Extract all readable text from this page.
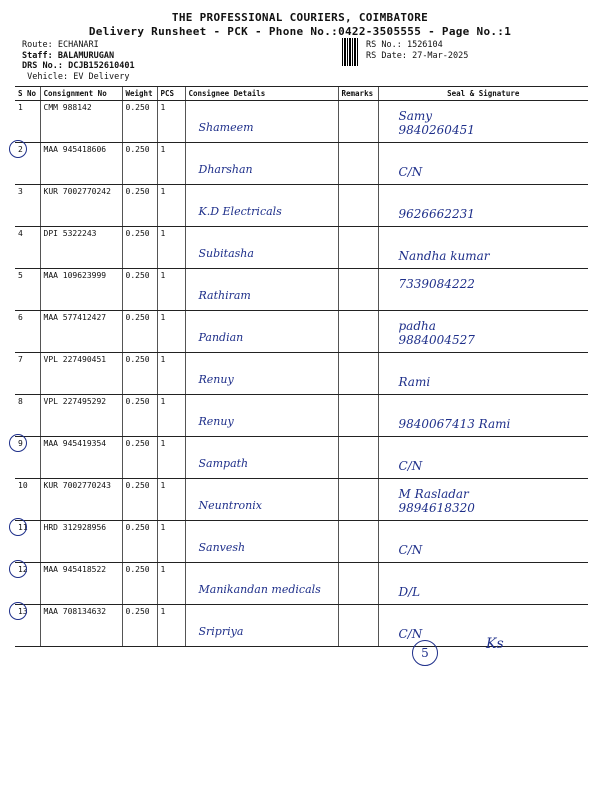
THE PROFESSIONAL COURIERS, COIMBATORE
Delivery Runsheet - PCK - Phone No.:0422-3505555 - Page No.:1
Route: ECHANARI
Staff: BALAMURUGAN
DRS No.: DCJB152610401
Vehicle: EV Delivery
RS No.: 1526104
RS Date: 27-Mar-2025
S No	Consignment No	Weight	PCS	Consignee Details	Remarks	Seal & Signature
1	CMM 988142	0.250	1	Shameem		Samy
9840260451

2	MAA 945418606	0.250	1	Dharshan		C/N

3	KUR 7002770242	0.250	1	K.D Electricals		9626662231

4	DPI 5322243	0.250	1	Subitasha		Nandha kumar

5	MAA 109623999	0.250	1	Rathiram		7339084222

6	MAA 577412427	0.250	1	Pandian		padha
9884004527

7	VPL 227490451	0.250	1	Renuy		Rami

8	VPL 227495292	0.250	1	Renuy		9840067413 Rami

9	MAA 945419354	0.250	1	Sampath		C/N

10	KUR 7002770243	0.250	1	Neuntronix		M Rasladar
9894618320

11	HRD 312928956	0.250	1	Sanvesh		C/N

12	MAA 945418522	0.250	1	Manikandan medicals		D/L

13	MAA 708134632	0.250	1	Sripriya		C/N
5
Ks
